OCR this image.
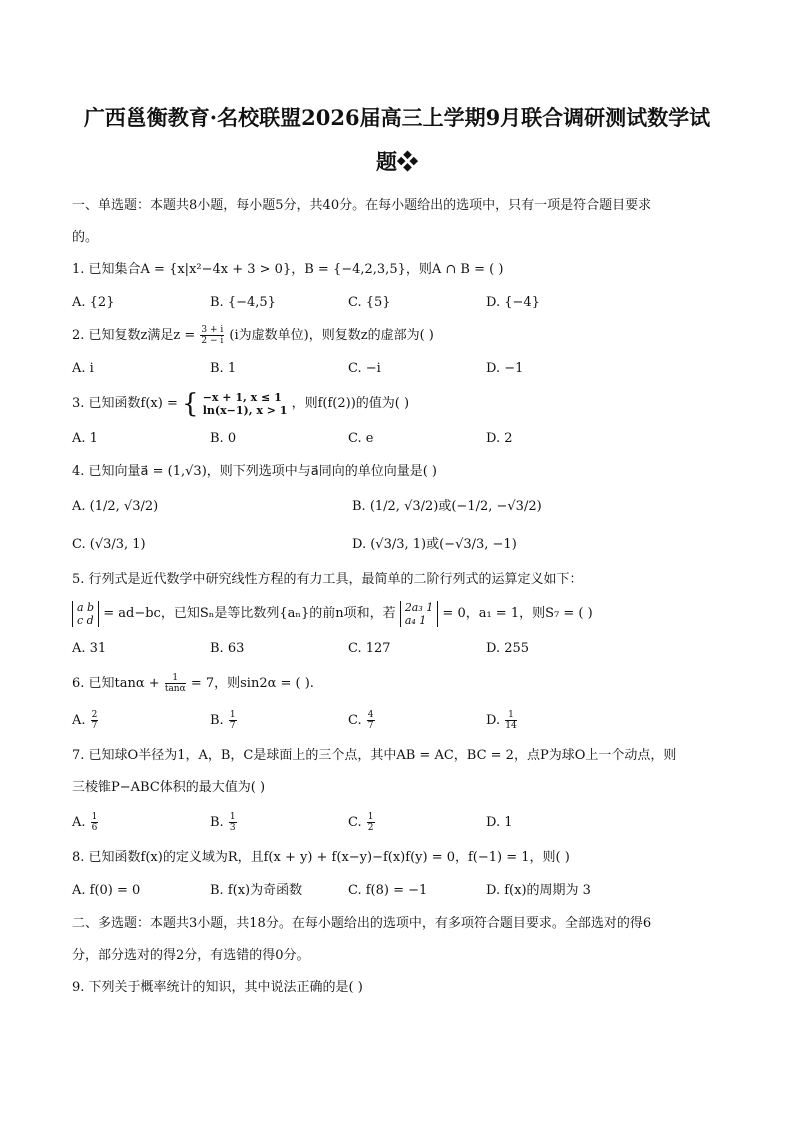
广西邕衡教育·名校联盟2026届高三上学期9月联合调研测试数学试
题❖
一、单选题：本题共8小题，每小题5分，共40分。在每小题给出的选项中，只有一项是符合题目要求
的。
1. 已知集合A = {x|x²−4x + 3 > 0}，B = {−4,2,3,5}，则A ∩ B = ( )
A. {2}	B. {−4,5}	C. {5}	D. {−4}
2. 已知复数z满足$z = \frac{3 + i}{2 - i} (i$为虚数单位)，则复数z的虚部为( )
A. i	B. 1	C. −i	D. −1
3. 已知函数f(x) = { −x + 1, x ≤ 1
ln(x−1), x > 1 ，则f(f(2))的值为( )
A. 1	B. 0	C. e	D. 2
4. 已知向量a⃗ = (1,√3)，则下列选项中与a⃗同向的单位向量是( )
A. (1/2, √3/2)	B. (1/2, √3/2)或(−1/2, −√3/2)
C. (√3/3, 1)	D. (√3/3, 1)或(−√3/3, −1)
5. 行列式是近代数学中研究线性方程的有力工具，最简单的二阶行列式的运算定义如下：
a b
c d = ad−bc，已知Sₙ是等比数列{aₙ}的前n项和，若 2a₃ 1
a₄ 1	= 0，a₁ = 1，则S₇ = ( )
A. 31	B. 63	C. 127	D. 255
6. 已知$\tan\alpha + \frac{1}{\tan\alpha} = 7$，则sin2α = ( ).
A. $\frac{2}{7}$	B. $\frac{1}{7}$	C. $\frac{4}{7}$	D. $\frac{1}{14}$
7. 已知球O半径为1，A，B，C是球面上的三个点，其中AB = AC，BC = 2，点P为球O上一个动点，则
三棱锥P−ABC体积的最大值为( )
A. $\frac{1}{6}$	B. $\frac{1}{3}$	C. $\frac{1}{2}$	D. 1
8. 已知函数f(x)的定义域为R，且f(x + y) + f(x−y)−f(x)f(y) = 0，f(−1) = 1，则( )
A. f(0) = 0	B. f(x)为奇函数	C. f(8) = −1	D. f(x)的周期为 3
二、多选题：本题共3小题，共18分。在每小题给出的选项中，有多项符合题目要求。全部选对的得6
分，部分选对的得2分，有选错的得0分。
9. 下列关于概率统计的知识，其中说法正确的是( )
